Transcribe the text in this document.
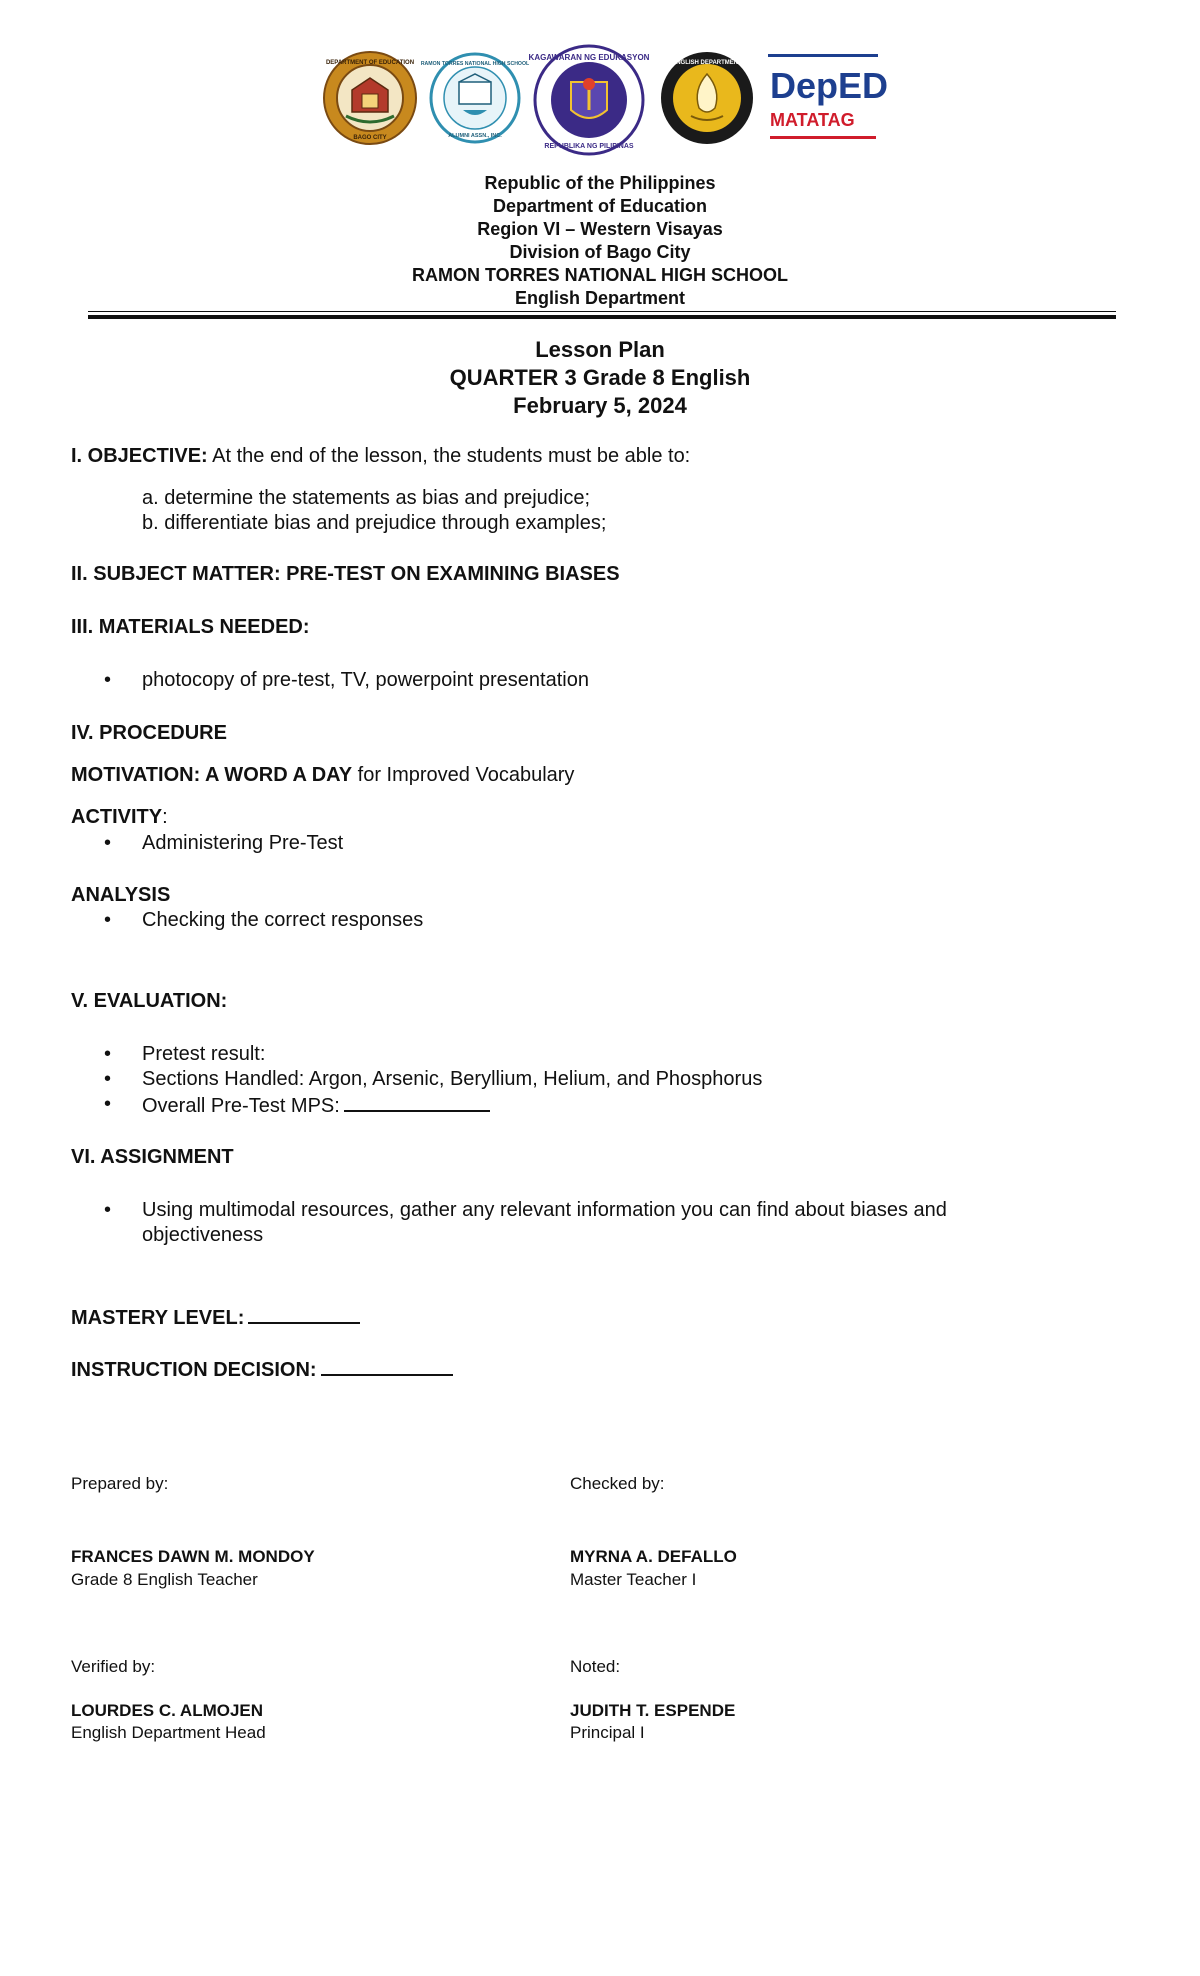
DEPARTMENT OF EDUCATION
BAGO CITY
RAMON TORRES NATIONAL HIGH SCHOOL
ALUMNI ASSN., INC.
KAGAWARAN NG EDUKASYON
REPUBLIKA NG PILIPINAS
ENGLISH DEPARTMENT
DepED
MATATAG
Republic of the Philippines
Department of Education
Region VI – Western Visayas
Division of Bago City
RAMON TORRES NATIONAL HIGH SCHOOL
English Department
Lesson Plan
QUARTER 3 Grade 8 English
February 5, 2024
I. OBJECTIVE: At the end of the lesson, the students must be able to:
a. determine the statements as bias and prejudice;
b. differentiate bias and prejudice through examples;
II. SUBJECT MATTER: PRE-TEST ON EXAMINING BIASES
III. MATERIALS NEEDED:
• photocopy of pre-test, TV, powerpoint presentation
IV. PROCEDURE
MOTIVATION: A WORD A DAY for Improved Vocabulary
ACTIVITY:
• Administering Pre-Test
ANALYSIS
• Checking the correct responses
V. EVALUATION:
• Pretest result:
• Sections Handled: Argon, Arsenic, Beryllium, Helium, and Phosphorus
• Overall Pre-Test MPS:
VI. ASSIGNMENT
• Using multimodal resources, gather any relevant information you can find about biases and
objectiveness
MASTERY LEVEL:
INSTRUCTION DECISION:
Prepared by:	Checked by:
FRANCES DAWN M. MONDOY	MYRNA A. DEFALLO
Grade 8 English Teacher	Master Teacher I
Verified by:	Noted:
LOURDES C. ALMOJEN	JUDITH T. ESPENDE
English Department Head	Principal I
